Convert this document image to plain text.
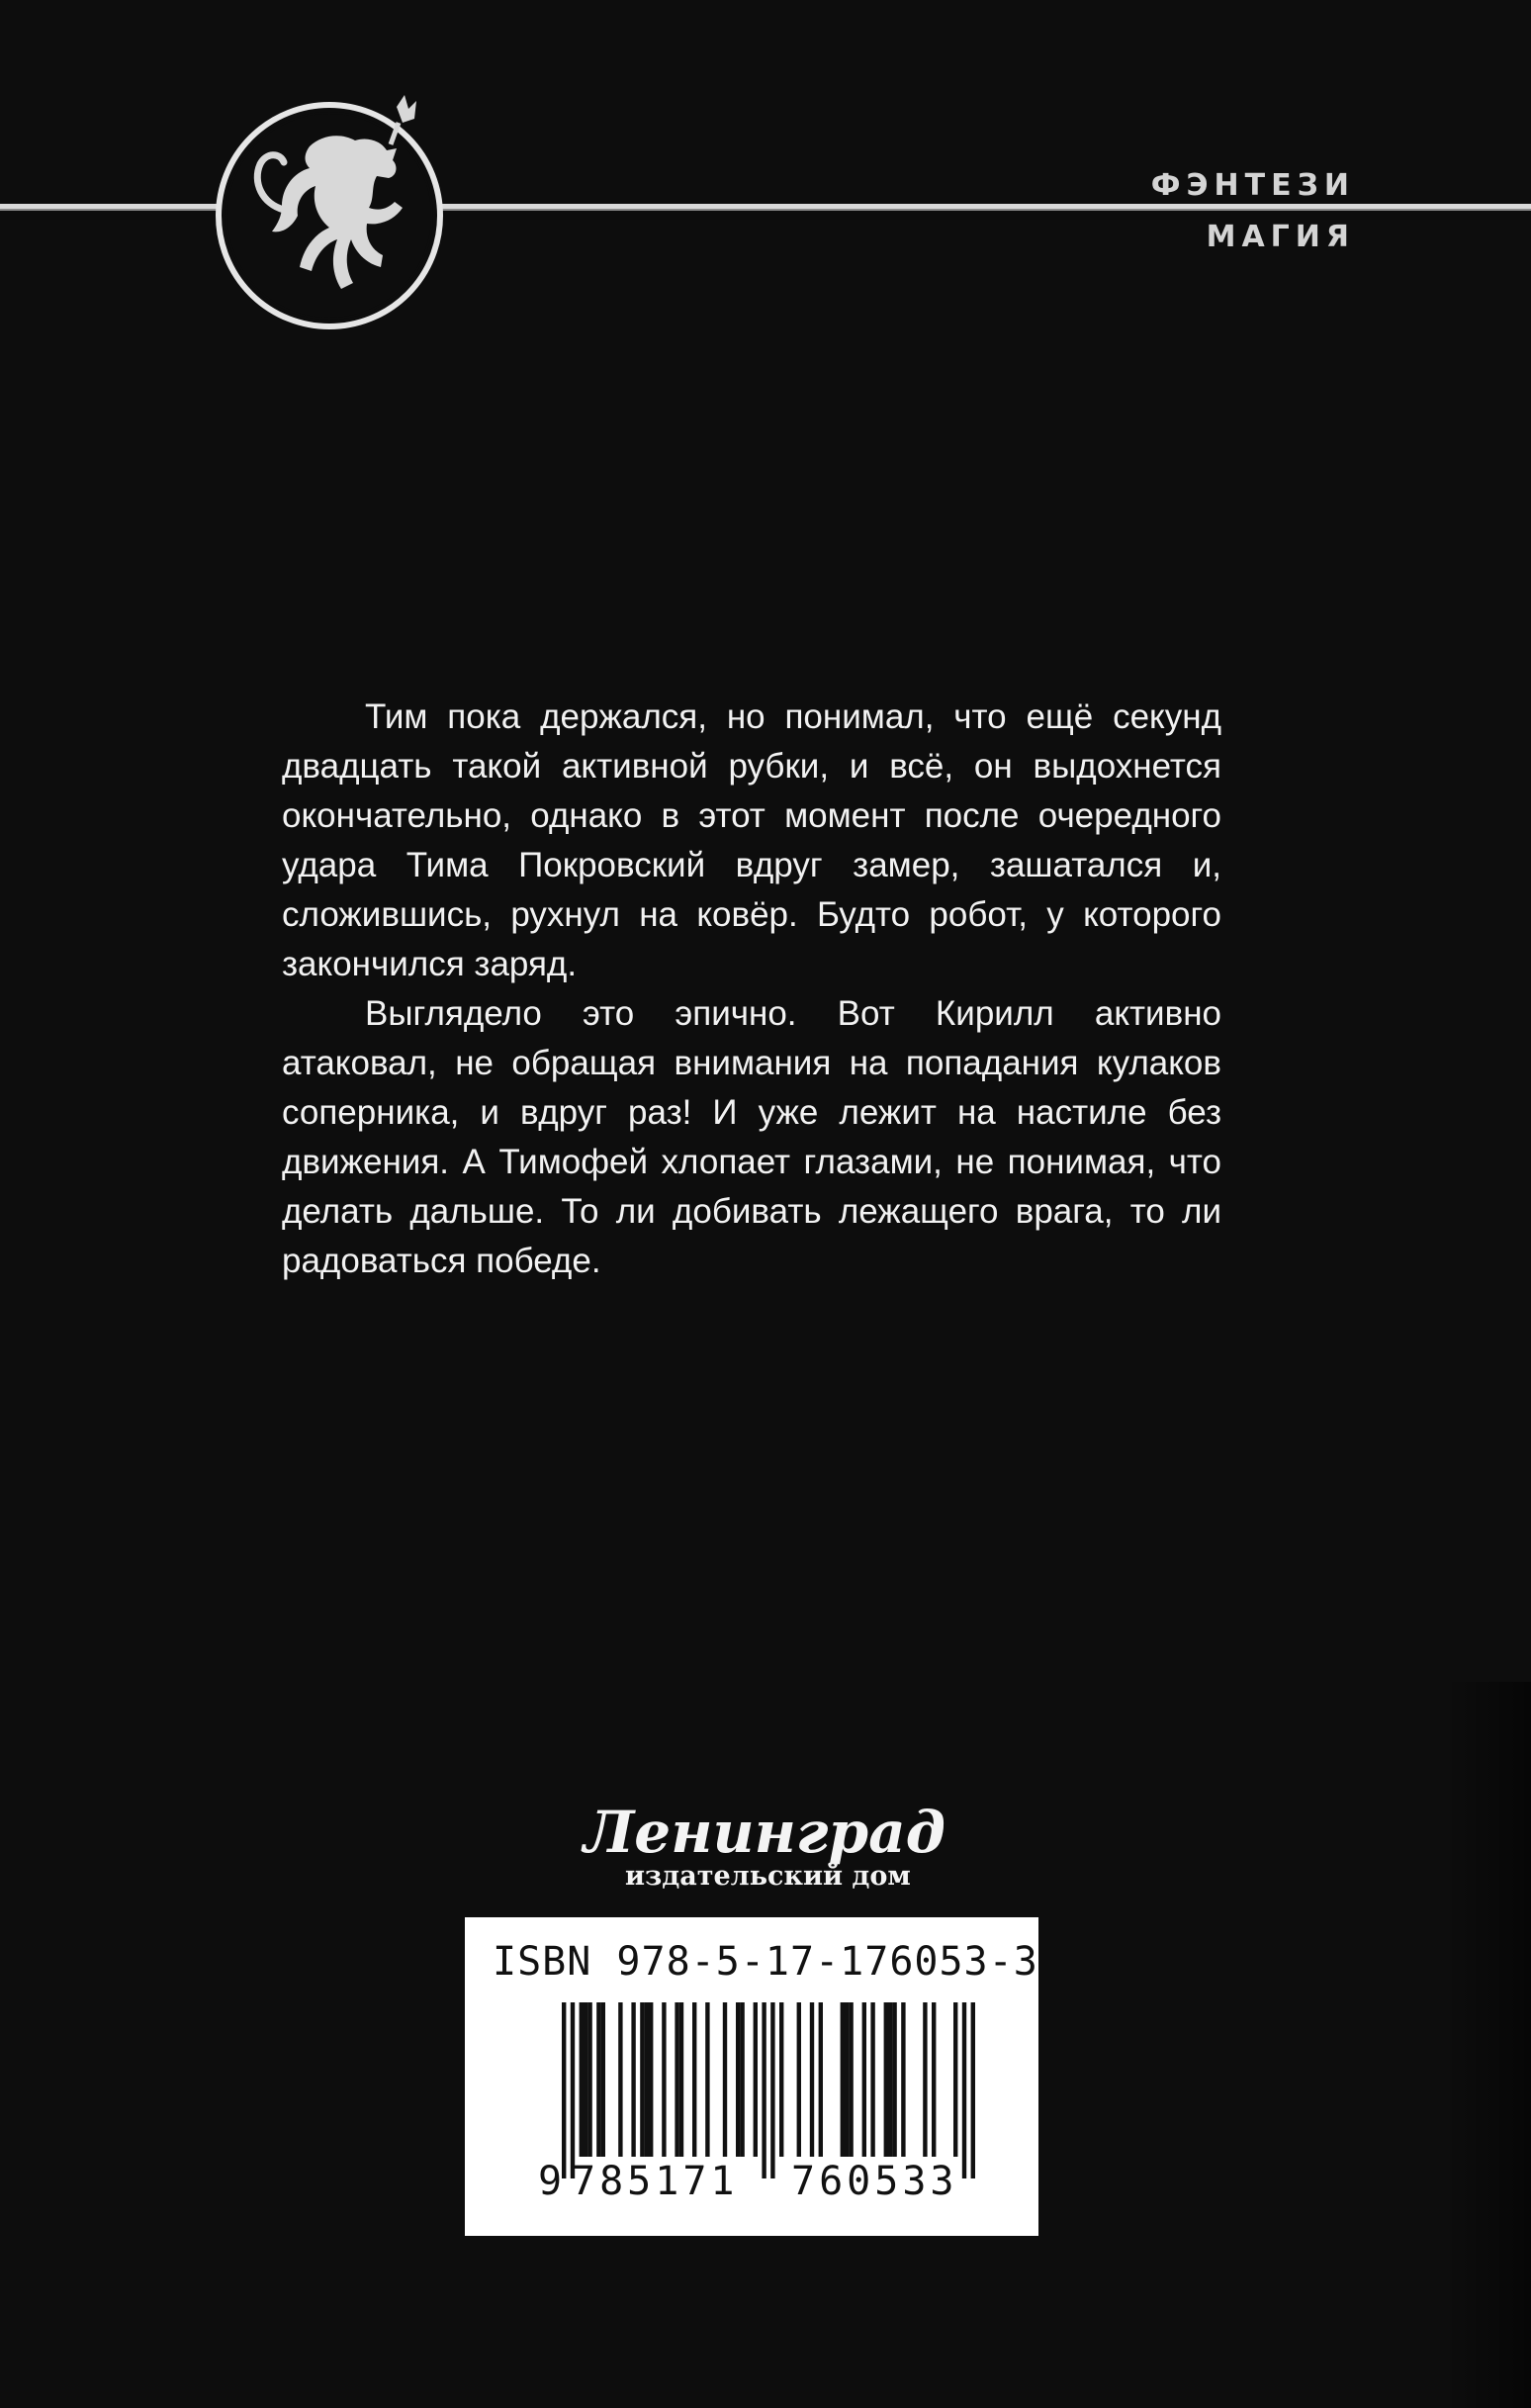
ФЭНТЕЗИ
МАГИЯ

Тим пока держался, но понимал, что ещё секунд двадцать такой активной рубки, и всё, он выдохнется окончательно, однако в этот момент после очередного удара Тима Покровский вдруг замер, зашатался и, сложившись, рухнул на ковёр. Будто робот, у которого закончился заряд.

Выглядело это эпично. Вот Кирилл активно атаковал, не обращая внимания на попадания кулаков соперника, и вдруг раз! И уже лежит на настиле без движения. А Тимофей хлопает глазами, не понимая, что делать дальше. То ли добивать лежащего врага, то ли радоваться победе.

Ленинград
издательский дом
ISBN 978-5-17-176053-3
9 785171 760533
